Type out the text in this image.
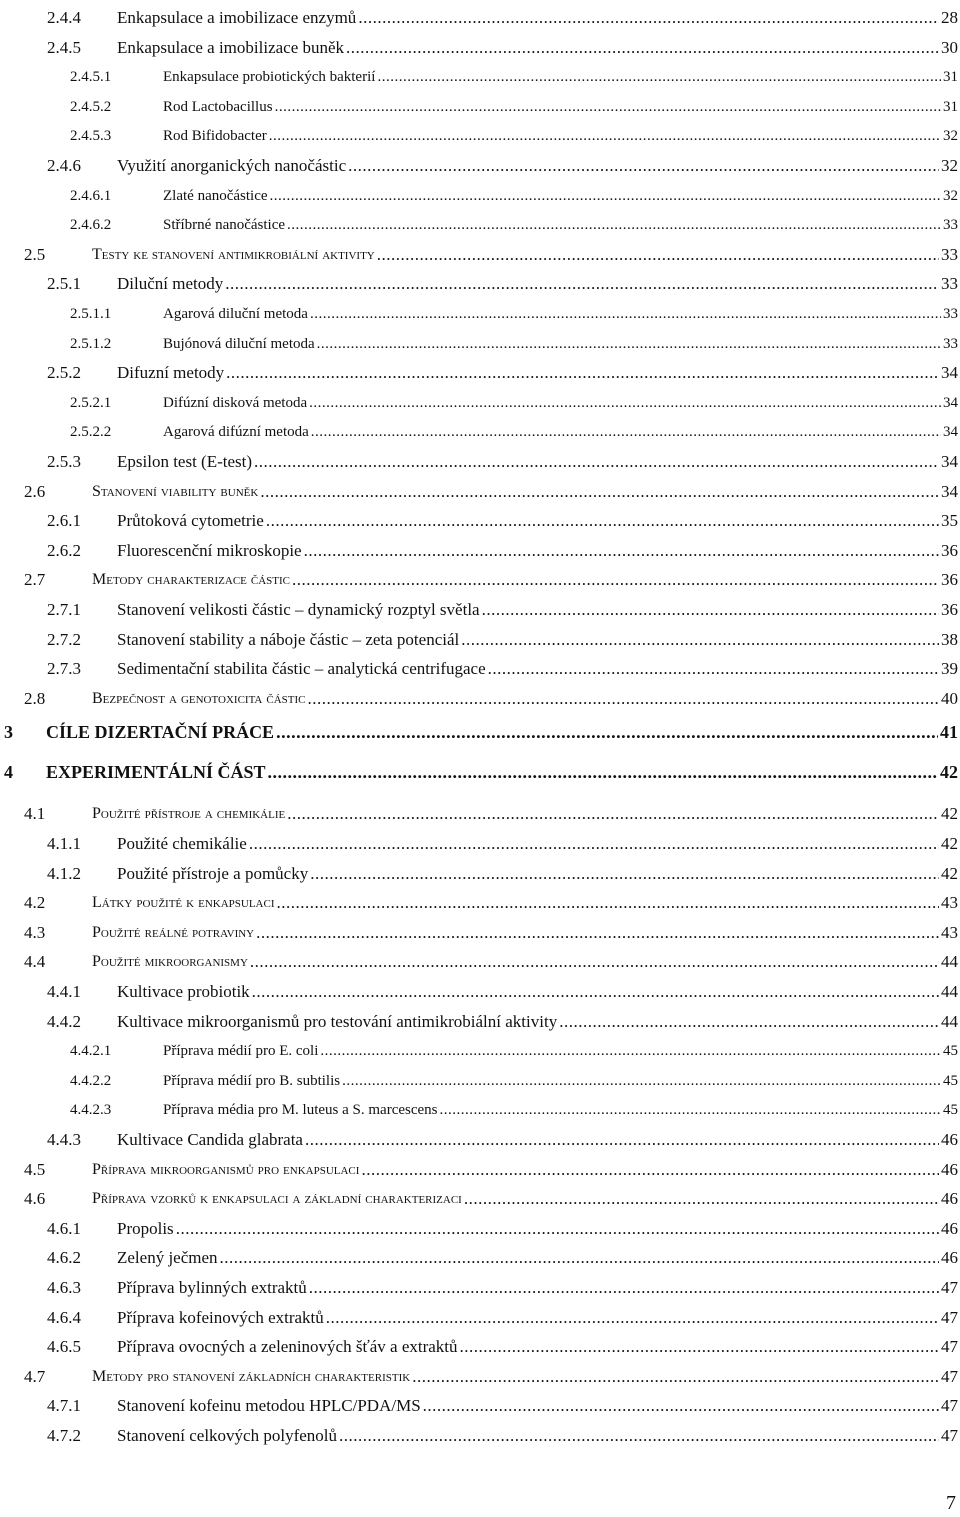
2.4.4	Enkapsulace a imobilizace enzymů .....	28
2.4.5	Enkapsulace a imobilizace buněk .....	30
2.4.5.1	Enkapsulace probiotických bakterií .....	31
2.4.5.2	Rod Lactobacillus .....	31
2.4.5.3	Rod Bifidobacter .....	32
2.4.6	Využití anorganických nanočástic .....	32
2.4.6.1	Zlaté nanočástice .....	32
2.4.6.2	Stříbrné nanočástice .....	33
2.5	Testy ke stanovení antimikrobiální aktivity .....	33
2.5.1	Diluční metody .....	33
2.5.1.1	Agarová diluční metoda .....	33
2.5.1.2	Bujónová diluční metoda .....	33
2.5.2	Difuzní metody .....	34
2.5.2.1	Difúzní disková metoda .....	34
2.5.2.2	Agarová difúzní metoda .....	34
2.5.3	Epsilon test (E-test) .....	34
2.6	Stanovení viability buněk .....	34
2.6.1	Průtoková cytometrie .....	35
2.6.2	Fluorescenční mikroskopie .....	36
2.7	Metody charakterizace částic .....	36
2.7.1	Stanovení velikosti částic – dynamický rozptyl světla .....	36
2.7.2	Stanovení stability a náboje částic – zeta potenciál .....	38
2.7.3	Sedimentační stabilita částic – analytická centrifugace .....	39
2.8	Bezpečnost a genotoxicita částic .....	40
3	CÍLE DIZERTAČNÍ PRÁCE .....	41
4	EXPERIMENTÁLNÍ ČÁST .....	42
4.1	Použité přístroje a chemikálie .....	42
4.1.1	Použité chemikálie .....	42
4.1.2	Použité přístroje a pomůcky .....	42
4.2	Látky použité k enkapsulaci .....	43
4.3	Použité reálné potraviny .....	43
4.4	Použité mikroorganismy .....	44
4.4.1	Kultivace probiotik .....	44
4.4.2	Kultivace mikroorganismů pro testování antimikrobiální aktivity .....	44
4.4.2.1	Příprava médií pro E. coli .....	45
4.4.2.2	Příprava médií pro B. subtilis .....	45
4.4.2.3	Příprava média pro M. luteus a S. marcescens .....	45
4.4.3	Kultivace Candida glabrata .....	46
4.5	Příprava mikroorganismů pro enkapsulaci .....	46
4.6	Příprava vzorků k enkapsulaci a základní charakterizaci .....	46
4.6.1	Propolis .....	46
4.6.2	Zelený ječmen .....	46
4.6.3	Příprava bylinných extraktů .....	47
4.6.4	Příprava kofeinových extraktů .....	47
4.6.5	Příprava ovocných a zeleninových šťáv a extraktů .....	47
4.7	Metody pro stanovení základních charakteristik .....	47
4.7.1	Stanovení kofeinu metodou HPLC/PDA/MS .....	47
4.7.2	Stanovení celkových polyfenolů .....	47
7
